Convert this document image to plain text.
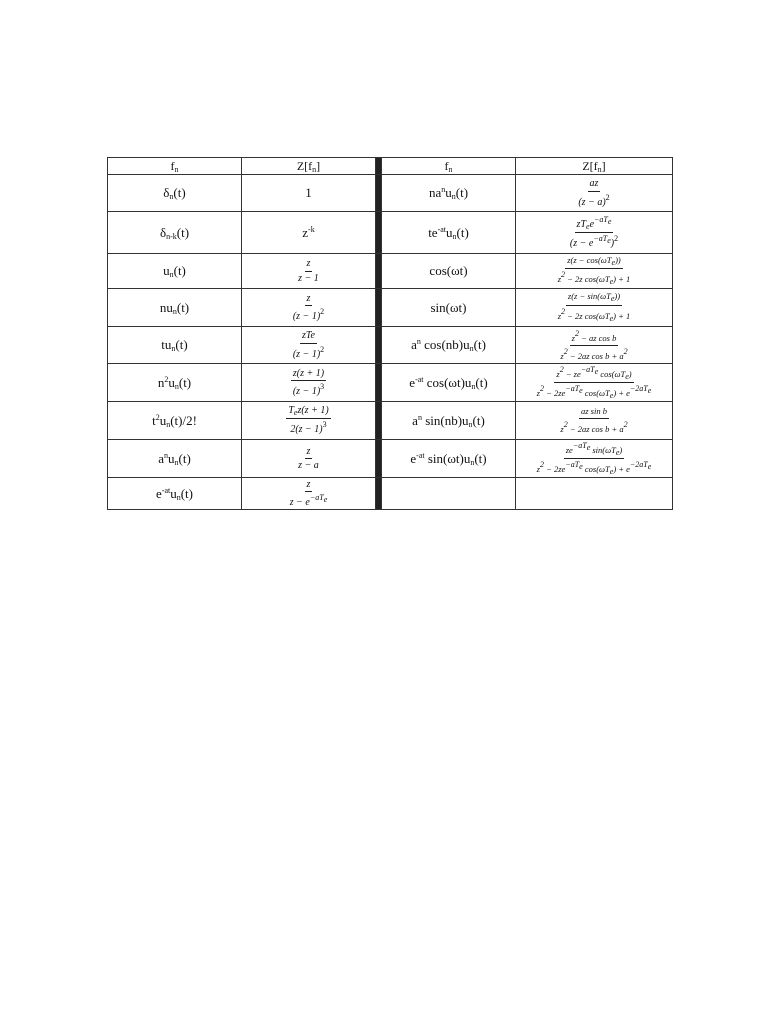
$f_n$	$Z[f_n]$		$f_n$	$Z[f_n]$
$\delta_n(t)$	1		$na^nu_n(t)$	$\frac{az}{(z - a)^2}$

$\delta_{n-k}(t)$	$z^{-k}$		$te^{-at}u_n(t)$	$\frac{zT_ee^{-aT_e}}{(z - e^{-aT_e})^2}$

$u_n(t)$	$\frac{z}{z - 1}$		cos(ωt)	$\frac{z(z - \cos(\omega T_e))}{z^2 - 2z \cos(\omega T_e) + 1}$

$nu_n(t)$	$\frac{z}{(z - 1)^2}$		sin(ωt)	$\frac{z(z - \sin(\omega T_e))}{z^2 - 2z \cos(\omega T_e) + 1}$

$tu_n(t)$	$\frac{\text{zTe}}{(z - 1)^2}$		$a^n$ $\cos(nb)u_n(t)$	$\frac{z^2 - az \cos b}{z^2 - 2az \cos b + a^2}$

$n^2u_n(t)$	$\frac{z(z + 1)}{(z - 1)^3}$		$e^{-at}$ $\cos(\omega t)u_n(t)$	$\frac{z^2 - ze^{-aT_e} \cos(\omega T_e)}{z^2 - 2ze^{-aT_e} \cos(\omega T_e) + e^{-2aT_e}}$

$t^2u_n(t)/2$!	$\frac{T_ez(z + 1)}{2(z - 1)^3}$		$a^n$ $\sin(nb)u_n(t)$	$\frac{\text{az sin b}}{z^2 - 2az \cos b + a^2}$

$a^nu_n(t)$	$\frac{z}{z - a}$		$e^{-at}$ $\sin(\omega t)u_n(t)$	$\frac{ze^{-aT_e} \sin(\omega T_e)}{z^2 - 2ze^{-aT_e} \cos(\omega T_e) + e^{-2aT_e}}$

$e^{-at}u_n(t)$	$\frac{z}{z - e^{-aT_e}}$
